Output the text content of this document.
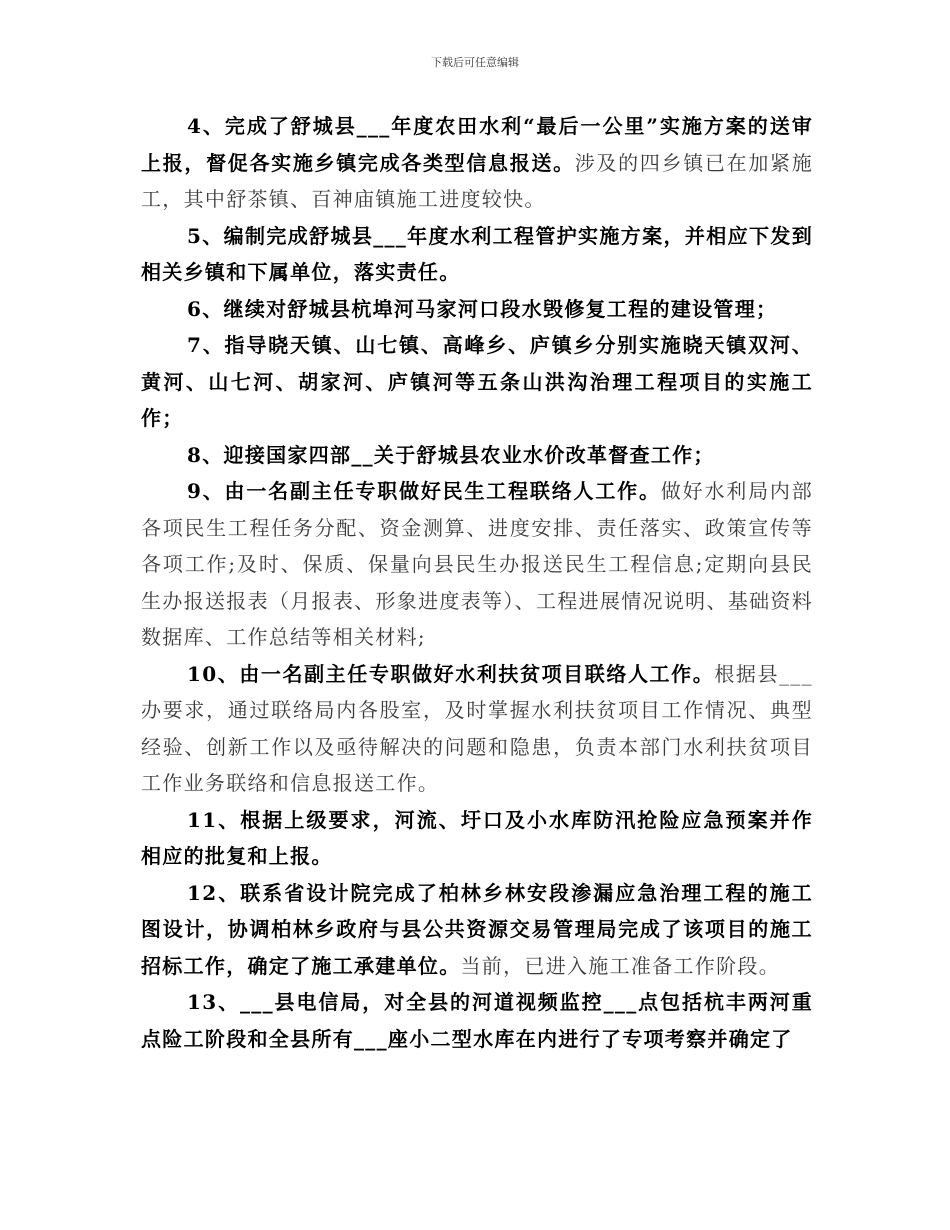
下载后可任意编辑

4、完成了舒城县___年度农田水利“最后一公里”实施方案的送审上报，督促各实施乡镇完成各类型信息报送。涉及的四乡镇已在加紧施工，其中舒茶镇、百神庙镇施工进度较快。

5、编制完成舒城县___年度水利工程管护实施方案，并相应下发到相关乡镇和下属单位，落实责任。

6、继续对舒城县杭埠河马家河口段水毁修复工程的建设管理；

7、指导晓天镇、山七镇、高峰乡、庐镇乡分别实施晓天镇双河、黄河、山七河、胡家河、庐镇河等五条山洪沟治理工程项目的实施工作；

8、迎接国家四部__关于舒城县农业水价改革督查工作；

9、由一名副主任专职做好民生工程联络人工作。做好水利局内部各项民生工程任务分配、资金测算、进度安排、责任落实、政策宣传等各项工作;及时、保质、保量向县民生办报送民生工程信息;定期向县民生办报送报表（月报表、形象进度表等）、工程进展情况说明、基础资料数据库、工作总结等相关材料;

10、由一名副主任专职做好水利扶贫项目联络人工作。根据县___办要求，通过联络局内各股室，及时掌握水利扶贫项目工作情况、典型经验、创新工作以及亟待解决的问题和隐患，负责本部门水利扶贫项目工作业务联络和信息报送工作。

11、根据上级要求，河流、圩口及小水库防汛抢险应急预案并作相应的批复和上报。

12、联系省设计院完成了柏林乡林安段渗漏应急治理工程的施工图设计，协调柏林乡政府与县公共资源交易管理局完成了该项目的施工招标工作，确定了施工承建单位。当前，已进入施工准备工作阶段。

13、___县电信局，对全县的河道视频监控___点包括杭丰两河重点险工阶段和全县所有___座小二型水库在内进行了专项考察并确定了
